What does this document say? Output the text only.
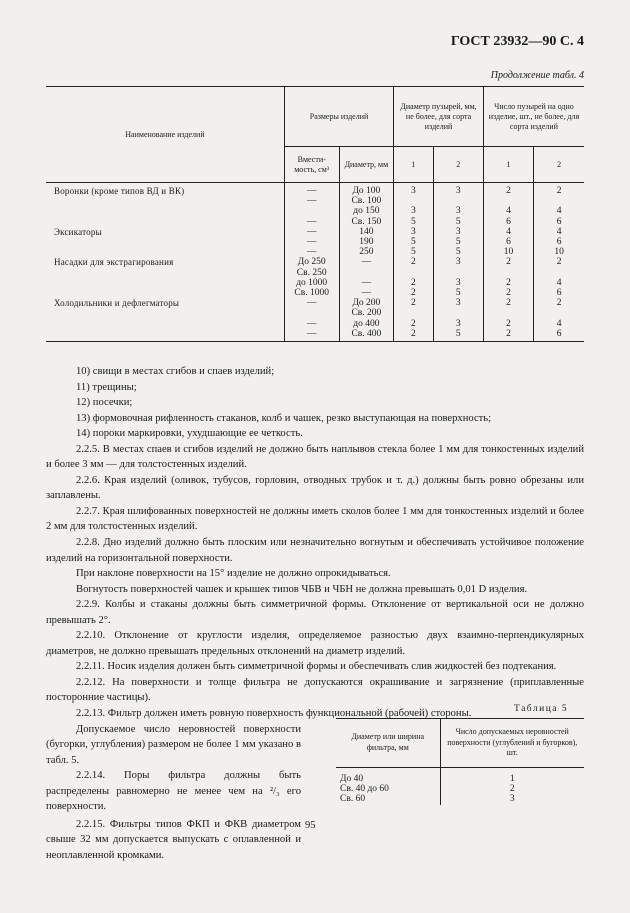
ГОСТ 23932—90 С. 4
Продолжение табл. 4
Наименование изделий	Размеры изделий		Диаметр пузырей, мм, не более, для сорта изделий		Число пузырей на одно изделие, шт., не более, для сорта изделий	
	Вмести-мость, см³	Диаметр, мм	1	2	1	2
Воронки (кроме типов ВД и ВК)	—	До 100	3	3	2	2
	—	Св. 100				
		до 150	3	3	4	4
	—	Св. 150	5	5	6	6
Эксикаторы	—	140	3	3	4	4
	—	190	5	5	6	6
	—	250	5	5	10	10
Насадки для экстрагирования	До 250	—	2	3	2	2
	Св. 250					
	до 1000	—	2	3	2	4
	Св. 1000	—	2	5	2	6
Холодильники и дефлегматоры	—	До 200	2	3	2	2
		Св. 200				
	—	до 400	2	3	2	4
	—	Св. 400	2	5	2	6

10) свищи в местах сгибов и спаев изделий;

11) трещины;

12) посечки;

13) формовочная рифленность стаканов, колб и чашек, резко выступающая на поверхность;

14) пороки маркировки, ухудшающие ее четкость.

2.2.5. В местах спаев и сгибов изделий не должно быть наплывов стекла более 1 мм для тонкостенных изделий и более 3 мм — для толстостенных изделий.

2.2.6. Края изделий (оливок, тубусов, горловин, отводных трубок и т. д.) должны быть ровно обрезаны или заплавлены.

2.2.7. Края шлифованных поверхностей не должны иметь сколов более 1 мм для тонкостенных изделий и более 2 мм для толстостенных изделий.

2.2.8. Дно изделий должно быть плоским или незначительно вогнутым и обеспечивать устойчивое положение изделий на горизонтальной поверхности.

При наклоне поверхности на 15° изделие не должно опрокидываться.

Вогнутость поверхностей чашек и крышек типов ЧБВ и ЧБН не должна превышать 0,01 D изделия.

2.2.9. Колбы и стаканы должны быть симметричной формы. Отклонение от вертикальной оси не должно превышать 2°.

2.2.10. Отклонение от круглости изделия, определяемое разностью двух взаимно-перпендикулярных диаметров, не должно превышать предельных отклонений на диаметр изделий.

2.2.11. Носик изделия должен быть симметричной формы и обеспечивать слив жидкостей без подтекания.

2.2.12. На поверхности и толще фильтра не допускаются окрашивание и загрязнение (приплавленные посторонние частицы).

2.2.13. Фильтр должен иметь ровную поверхность функциональной (рабочей) стороны.

Допускаемое число неровностей поверхности (бугорки, углубления) размером не более 1 мм указано в табл. 5.

2.2.14. Поры фильтра должны быть распределены равномерно не менее чем на ²/₃ его поверхности.

2.2.15. Фильтры типов ФКП и ФКВ диаметром свыше 32 мм допускается выпускать с оплавленной и неоплавленной кромками.

Таблица 5
Диаметр или ширина фильтра, мм	Число допускаемых неровностей поверхности (углублений и бугорков), шт.
До 40	1
Св. 40 до 60	2
Св. 60	3
95
